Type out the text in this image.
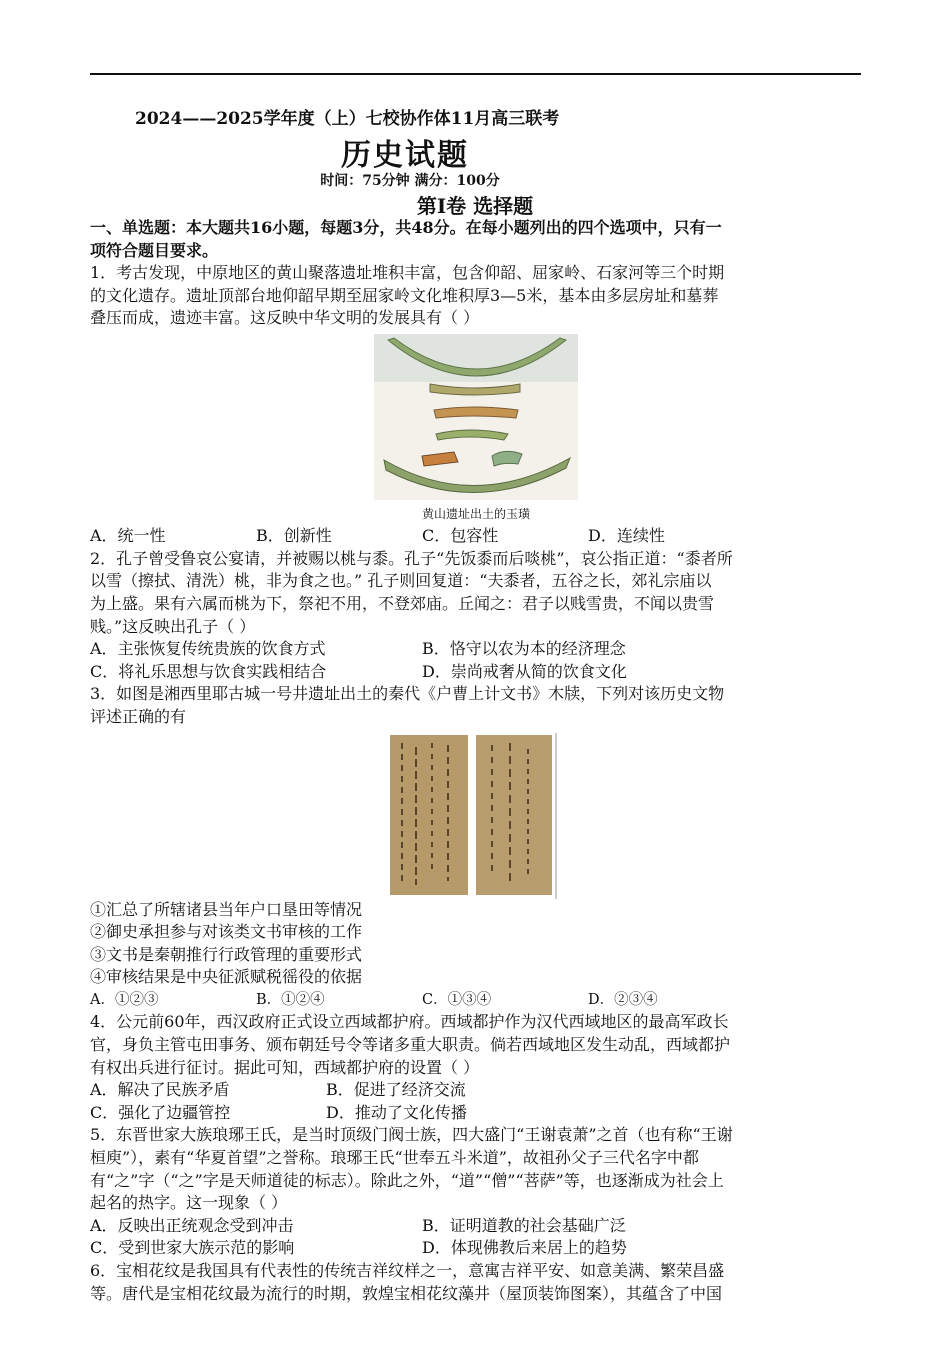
2024——2025学年度（上）七校协作体11月高三联考
历史试题
时间：75分钟 满分：100分
第Ⅰ卷 选择题

一、单选题：本大题共16小题，每题3分，共48分。在每小题列出的四个选项中，只有一

项符合题目要求。

1．考古发现，中原地区的黄山聚落遗址堆积丰富，包含仰韶、屈家岭、石家河等三个时期

的文化遗存。遗址顶部台地仰韶早期至屈家岭文化堆积厚3—5米，基本由多层房址和墓葬

叠压而成，遗迹丰富。这反映中华文明的发展具有（ ）

黄山遗址出土的玉璜
A．统一性	B．创新性	C．包容性	D．连续性

2．孔子曾受鲁哀公宴请，并被赐以桃与黍。孔子“先饭黍而后啖桃”，哀公指正道：“黍者所

以雪（擦拭、清洗）桃，非为食之也。” 孔子则回复道：“夫黍者，五谷之长，郊礼宗庙以

为上盛。果有六属而桃为下，祭祀不用，不登郊庙。丘闻之：君子以贱雪贵，不闻以贵雪

贱。”这反映出孔子（ ）

A．主张恢复传统贵族的饮食方式	B．恪守以农为本的经济理念
C．将礼乐思想与饮食实践相结合	D．崇尚戒奢从简的饮食文化

3．如图是湘西里耶古城一号井遗址出土的秦代《户曹上计文书》木牍，下列对该历史文物

评述正确的有

①汇总了所辖诸县当年户口垦田等情况

②御史承担参与对该类文书审核的工作

③文书是秦朝推行行政管理的重要形式

④审核结果是中央征派赋税徭役的依据

A．①②③	B．①②④	C．①③④	D．②③④

4．公元前60年，西汉政府正式设立西域都护府。西域都护作为汉代西域地区的最高军政长

官，身负主管屯田事务、颁布朝廷号令等诸多重大职责。倘若西域地区发生动乱，西域都护

有权出兵进行征讨。据此可知，西域都护府的设置（ ）

A．解决了民族矛盾	B．促进了经济交流
C．强化了边疆管控	D．推动了文化传播

5．东晋世家大族琅琊王氏，是当时顶级门阀士族，四大盛门“王谢袁萧”之首（也有称“王谢

桓庾”），素有“华夏首望”之誉称。琅琊王氏“世奉五斗米道”，故祖孙父子三代名字中都

有“之”字（“之”字是天师道徒的标志）。除此之外，“道”“僧”“菩萨”等，也逐渐成为社会上

起名的热字。这一现象（ ）

A．反映出正统观念受到冲击	B．证明道教的社会基础广泛
C．受到世家大族示范的影响	D．体现佛教后来居上的趋势

6．宝相花纹是我国具有代表性的传统吉祥纹样之一，意寓吉祥平安、如意美满、繁荣昌盛

等。唐代是宝相花纹最为流行的时期，敦煌宝相花纹藻井（屋顶装饰图案），其蕴含了中国
